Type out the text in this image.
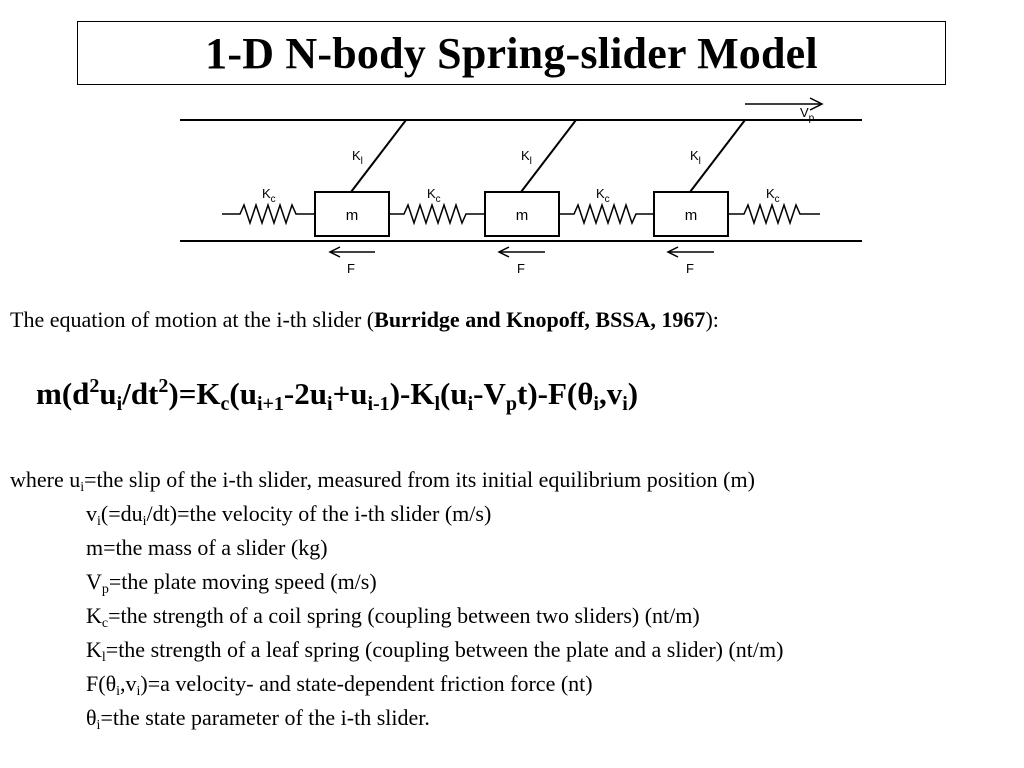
1-D N-body Spring-slider Model
$V_p$
$K_l$	$K_l$	$K_l$
$K_c$	$K_c$	$K_c$	$K_c$
m	m	m
F	F	F
The equation of motion at the i-th slider (Burridge and Knopoff, BSSA, 1967):
$m(d^2u_i/dt^2)=K_c(u_{i+1}-2u_i+u_{i-1})-K_l(u_i-V_pt)-F(\theta_i,v_i)$
where $u_i=the$ slip of the i-th slider, measured from its initial equilibrium position (m)
$v_i(=du_i/dt)=the$ velocity of the i-th slider (m/s)
m=the mass of a slider (kg)
$V_p=the$ plate moving speed (m/s)
$K_c=the$ strength of a coil spring (coupling between two sliders) (nt/m)
$K_l=the$ strength of a leaf spring (coupling between the plate and a slider) (nt/m)
$F(\theta_i,v_i)=a$ velocity- and state-dependent friction force (nt)
$\theta_i=the$ state parameter of the i-th slider.
